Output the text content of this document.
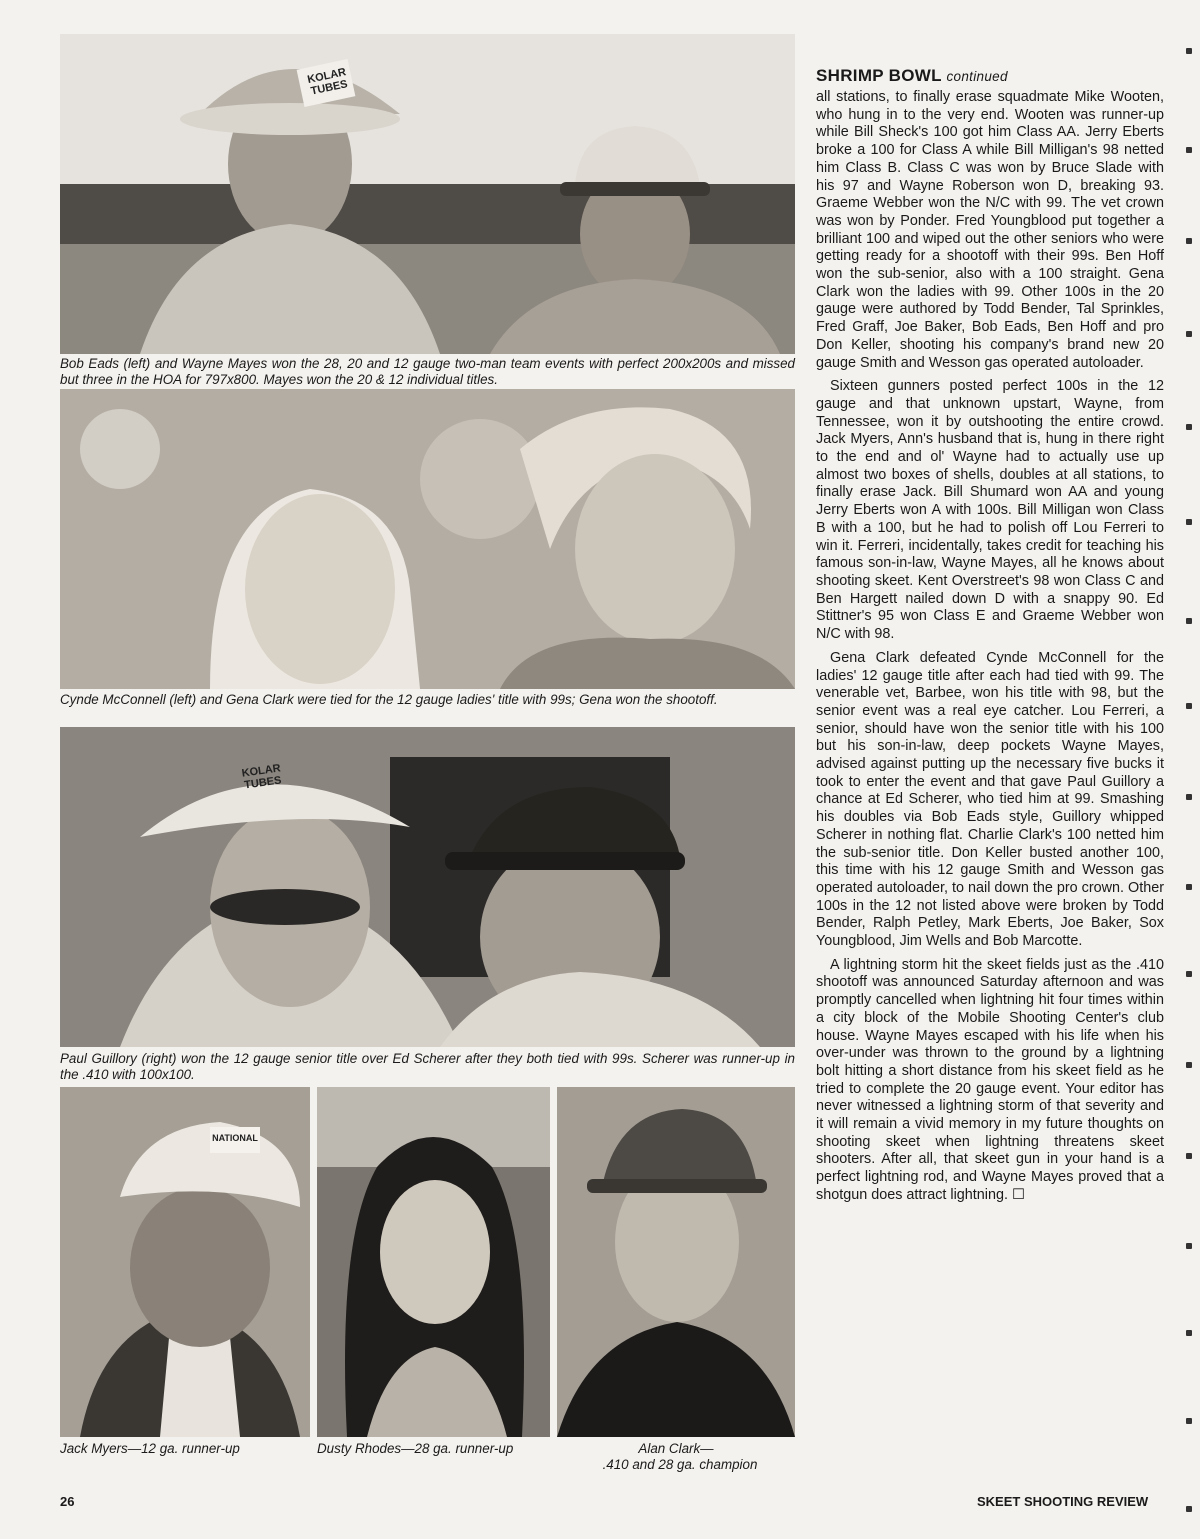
KOLAR TUBES
Bob Eads (left) and Wayne Mayes won the 28, 20 and 12 gauge two-man team events with perfect 200x200s and missed but three in the HOA for 797x800. Mayes won the 20 & 12 individual titles.
Cynde McConnell (left) and Gena Clark were tied for the 12 gauge ladies' title with 99s; Gena won the shootoff.
KOLAR TUBES
Paul Guillory (right) won the 12 gauge senior title over Ed Scherer after they both tied with 99s. Scherer was runner-up in the .410 with 100x100.
NATIONAL
Jack Myers—12 ga. runner-up	Dusty Rhodes—28 ga. runner-up	Alan Clark—
.410 and 28 ga. champion
SHRIMP BOWL continued

all stations, to finally erase squadmate Mike Wooten, who hung in to the very end. Wooten was runner-up while Bill Sheck's 100 got him Class AA. Jerry Eberts broke a 100 for Class A while Bill Milligan's 98 netted him Class B. Class C was won by Bruce Slade with his 97 and Wayne Roberson won D, breaking 93. Graeme Webber won the N/C with 99. The vet crown was won by Ponder. Fred Youngblood put together a brilliant 100 and wiped out the other seniors who were getting ready for a shootoff with their 99s. Ben Hoff won the sub-senior, also with a 100 straight. Gena Clark won the ladies with 99. Other 100s in the 20 gauge were authored by Todd Bender, Tal Sprinkles, Fred Graff, Joe Baker, Bob Eads, Ben Hoff and pro Don Keller, shooting his company's brand new 20 gauge Smith and Wesson gas operated autoloader.

Sixteen gunners posted perfect 100s in the 12 gauge and that unknown upstart, Wayne, from Tennessee, won it by outshooting the entire crowd. Jack Myers, Ann's husband that is, hung in there right to the end and ol' Wayne had to actually use up almost two boxes of shells, doubles at all stations, to finally erase Jack. Bill Shumard won AA and young Jerry Eberts won A with 100s. Bill Milligan won Class B with a 100, but he had to polish off Lou Ferreri to win it. Ferreri, incidentally, takes credit for teaching his famous son-in-law, Wayne Mayes, all he knows about shooting skeet. Kent Overstreet's 98 won Class C and Ben Hargett nailed down D with a snappy 90. Ed Stittner's 95 won Class E and Graeme Webber won N/C with 98.

Gena Clark defeated Cynde McConnell for the ladies' 12 gauge title after each had tied with 99. The venerable vet, Barbee, won his title with 98, but the senior event was a real eye catcher. Lou Ferreri, a senior, should have won the senior title with his 100 but his son-in-law, deep pockets Wayne Mayes, advised against putting up the necessary five bucks it took to enter the event and that gave Paul Guillory a chance at Ed Scherer, who tied him at 99. Smashing his doubles via Bob Eads style, Guillory whipped Scherer in nothing flat. Charlie Clark's 100 netted him the sub-senior title. Don Keller busted another 100, this time with his 12 gauge Smith and Wesson gas operated autoloader, to nail down the pro crown. Other 100s in the 12 not listed above were broken by Todd Bender, Ralph Petley, Mark Eberts, Joe Baker, Sox Youngblood, Jim Wells and Bob Marcotte.

A lightning storm hit the skeet fields just as the .410 shootoff was announced Saturday afternoon and was promptly cancelled when lightning hit four times within a city block of the Mobile Shooting Center's club house. Wayne Mayes escaped with his life when his over-under was thrown to the ground by a lightning bolt hitting a short distance from his skeet field as he tried to complete the 20 gauge event. Your editor has never witnessed a lightning storm of that severity and it will remain a vivid memory in my future thoughts on shooting skeet when lightning threatens skeet shooters. After all, that skeet gun in your hand is a perfect lightning rod, and Wayne Mayes proved that a shotgun does attract lightning. ☐

26	SKEET SHOOTING REVIEW
